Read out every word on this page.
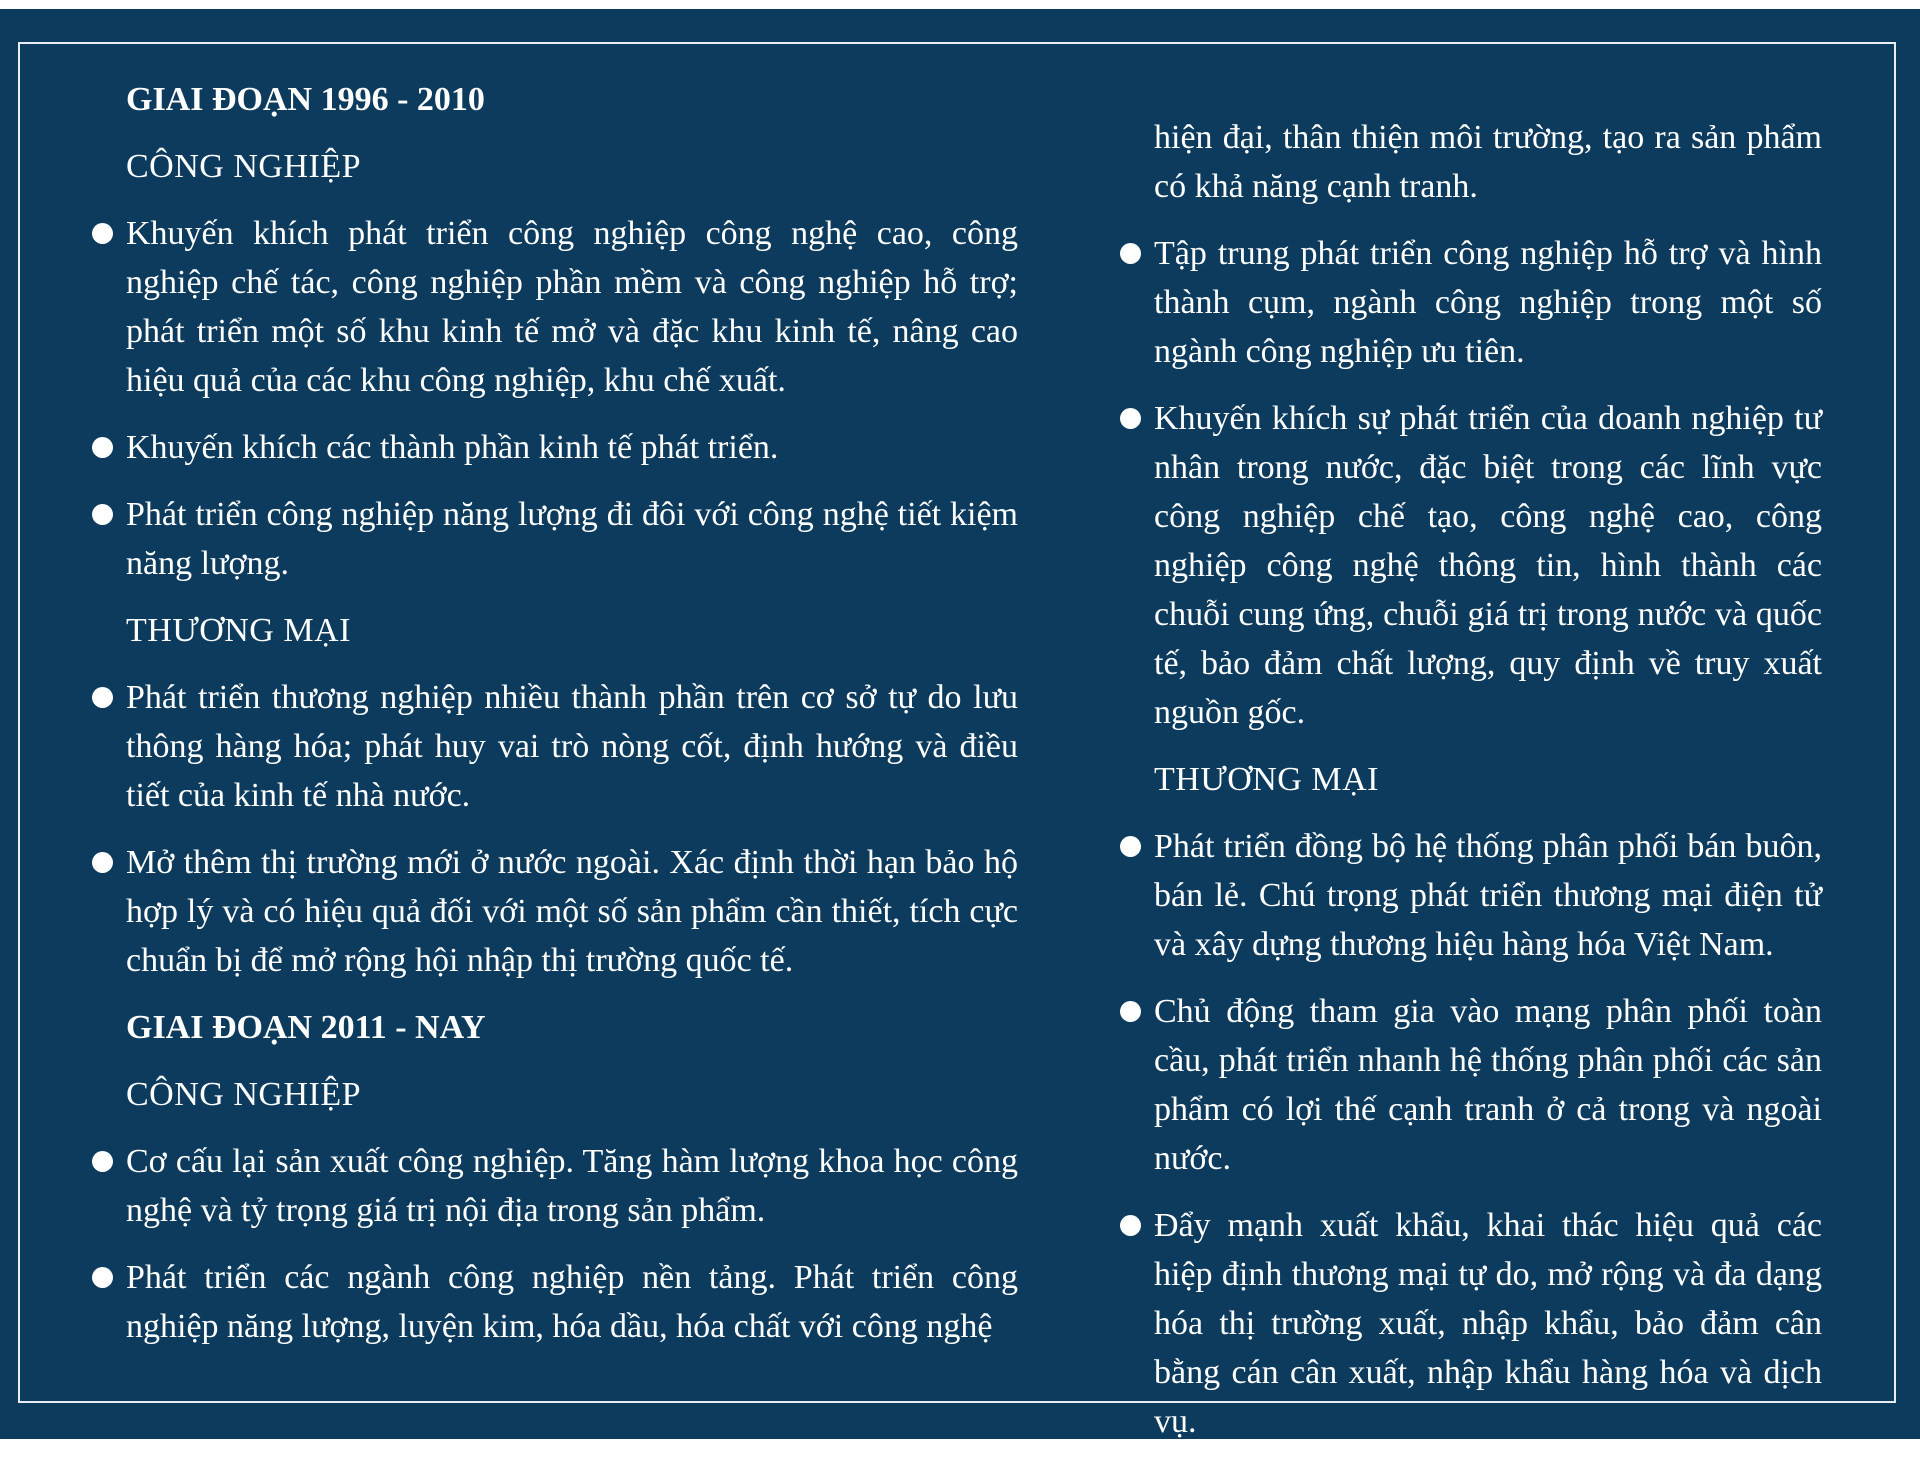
GIAI ĐOẠN 1996 - 2010
CÔNG NGHIỆP
Khuyến khích phát triển công nghiệp công nghệ cao, công nghiệp chế tác, công nghiệp phần mềm và công nghiệp hỗ trợ; phát triển một số khu kinh tế mở và đặc khu kinh tế, nâng cao hiệu quả của các khu công nghiệp, khu chế xuất.
Khuyến khích các thành phần kinh tế phát triển.
Phát triển công nghiệp năng lượng đi đôi với công nghệ tiết kiệm năng lượng.
THƯƠNG MẠI
Phát triển thương nghiệp nhiều thành phần trên cơ sở tự do lưu thông hàng hóa; phát huy vai trò nòng cốt, định hướng và điều tiết của kinh tế nhà nước.
Mở thêm thị trường mới ở nước ngoài. Xác định thời hạn bảo hộ hợp lý và có hiệu quả đối với một số sản phẩm cần thiết, tích cực chuẩn bị để mở rộng hội nhập thị trường quốc tế.
GIAI ĐOẠN 2011 - NAY
CÔNG NGHIỆP
Cơ cấu lại sản xuất công nghiệp. Tăng hàm lượng khoa học công nghệ và tỷ trọng giá trị nội địa trong sản phẩm.
Phát triển các ngành công nghiệp nền tảng. Phát triển công nghiệp năng lượng, luyện kim, hóa dầu, hóa chất với công nghệ
hiện đại, thân thiện môi trường, tạo ra sản phẩm có khả năng cạnh tranh.
Tập trung phát triển công nghiệp hỗ trợ và hình thành cụm, ngành công nghiệp trong một số ngành công nghiệp ưu tiên.
Khuyến khích sự phát triển của doanh nghiệp tư nhân trong nước, đặc biệt trong các lĩnh vực công nghiệp chế tạo, công nghệ cao, công nghiệp công nghệ thông tin, hình thành các chuỗi cung ứng, chuỗi giá trị trong nước và quốc tế, bảo đảm chất lượng, quy định về truy xuất nguồn gốc.
THƯƠNG MẠI
Phát triển đồng bộ hệ thống phân phối bán buôn, bán lẻ. Chú trọng phát triển thương mại điện tử và xây dựng thương hiệu hàng hóa Việt Nam.
Chủ động tham gia vào mạng phân phối toàn cầu, phát triển nhanh hệ thống phân phối các sản phẩm có lợi thế cạnh tranh ở cả trong và ngoài nước.
Đẩy mạnh xuất khẩu, khai thác hiệu quả các hiệp định thương mại tự do, mở rộng và đa dạng hóa thị trường xuất, nhập khẩu, bảo đảm cân bằng cán cân xuất, nhập khẩu hàng hóa và dịch vụ.
